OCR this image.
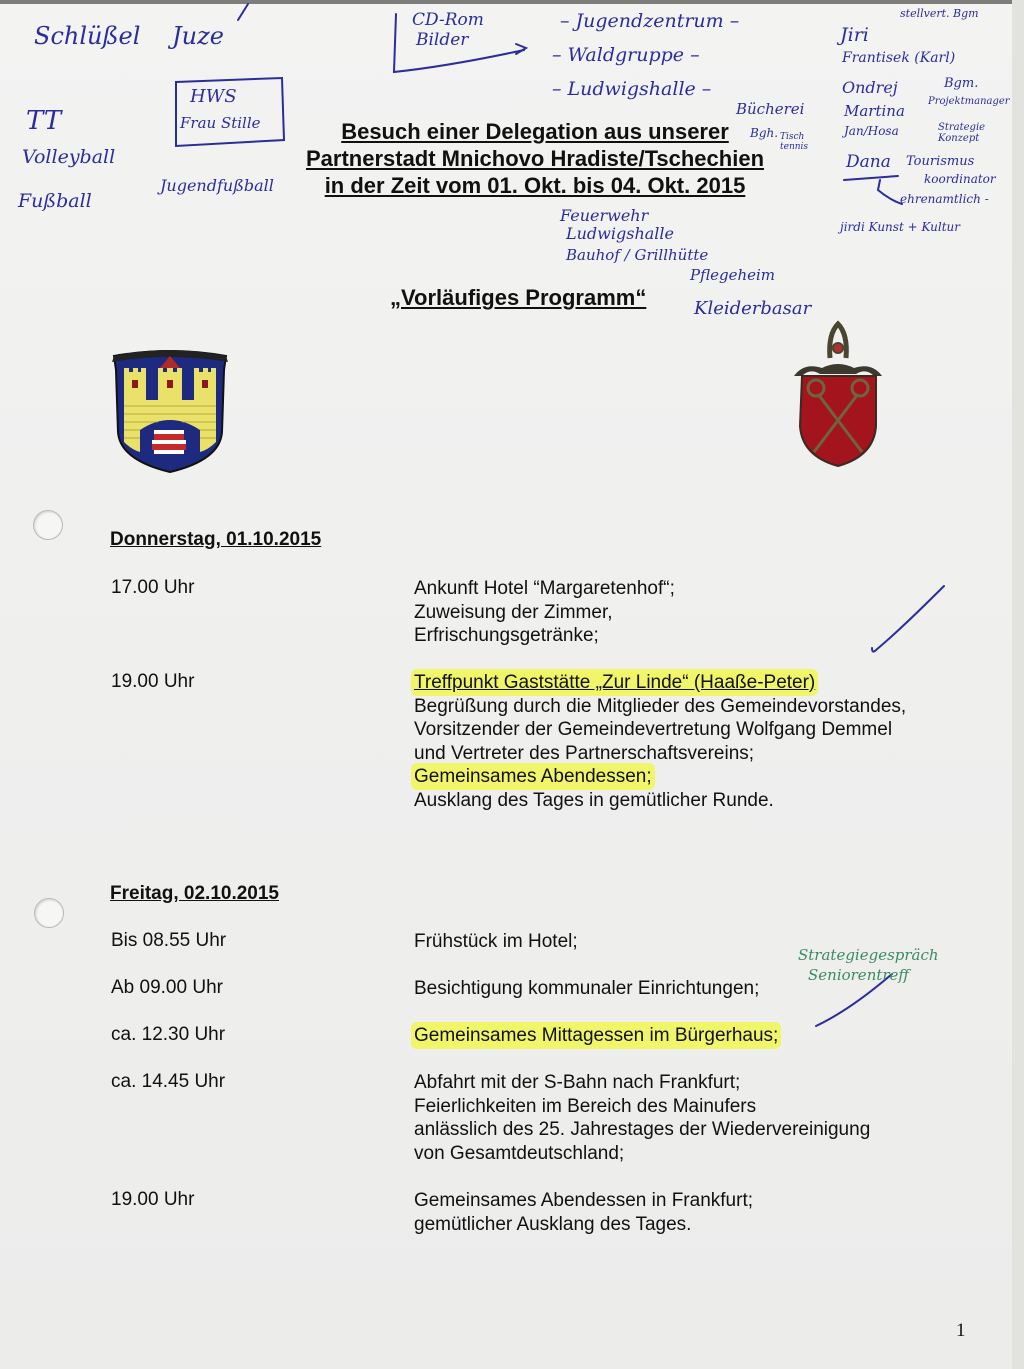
Besuch einer Delegation aus unserer
Partnerstadt Mnichovo Hradiste/Tschechien
in der Zeit vom 01. Okt. bis 04. Okt. 2015
„Vorläufiges Programm“
Donnerstag, 01.10.2015
17.00 Uhr	Ankunft Hotel “Margaretenhof“;
Zuweisung der Zimmer,
Erfrischungsgetränke;
19.00 Uhr	Treffpunkt Gaststätte „Zur Linde“ (Haaße-Peter)
Begrüßung durch die Mitglieder des Gemeindevorstandes,
Vorsitzender der Gemeindevertretung Wolfgang Demmel
und Vertreter des Partnerschaftsvereins;
Gemeinsames Abendessen;
Ausklang des Tages in gemütlicher Runde.
Freitag, 02.10.2015
Bis 08.55 Uhr	Frühstück im Hotel;
Ab 09.00 Uhr	Besichtigung kommunaler Einrichtungen;
ca. 12.30 Uhr	Gemeinsames Mittagessen im Bürgerhaus;
ca. 14.45 Uhr	Abfahrt mit der S-Bahn nach Frankfurt;
Feierlichkeiten im Bereich des Mainufers
anlässlich des 25. Jahrestages der Wiedervereinigung
von Gesamtdeutschland;
19.00 Uhr	Gemeinsames Abendessen in Frankfurt;
gemütlicher Ausklang des Tages.
1
Schlüßel Juze
HWS
Frau Stille
TT
Volleyball
Fußball
Jugendfußball
CD-Rom
Bilder
– Jugendzentrum –
– Waldgruppe –
– Ludwigshalle –
Bücherei
Bgh. Tisch tennis
Jiri
stellvert. Bgm
Frantisek (Karl)
Ondrej	Bgm.
Martina
Projektmanager
Jan/Hosa	Strategie Konzept
Dana Tourismus
koordinator
ehrenamtlich -
jirdi Kunst + Kultur
Feuerwehr
Ludwigshalle
Bauhof / Grillhütte
Pflegeheim
Kleiderbasar
Strategiegespräch
Seniorentreff
